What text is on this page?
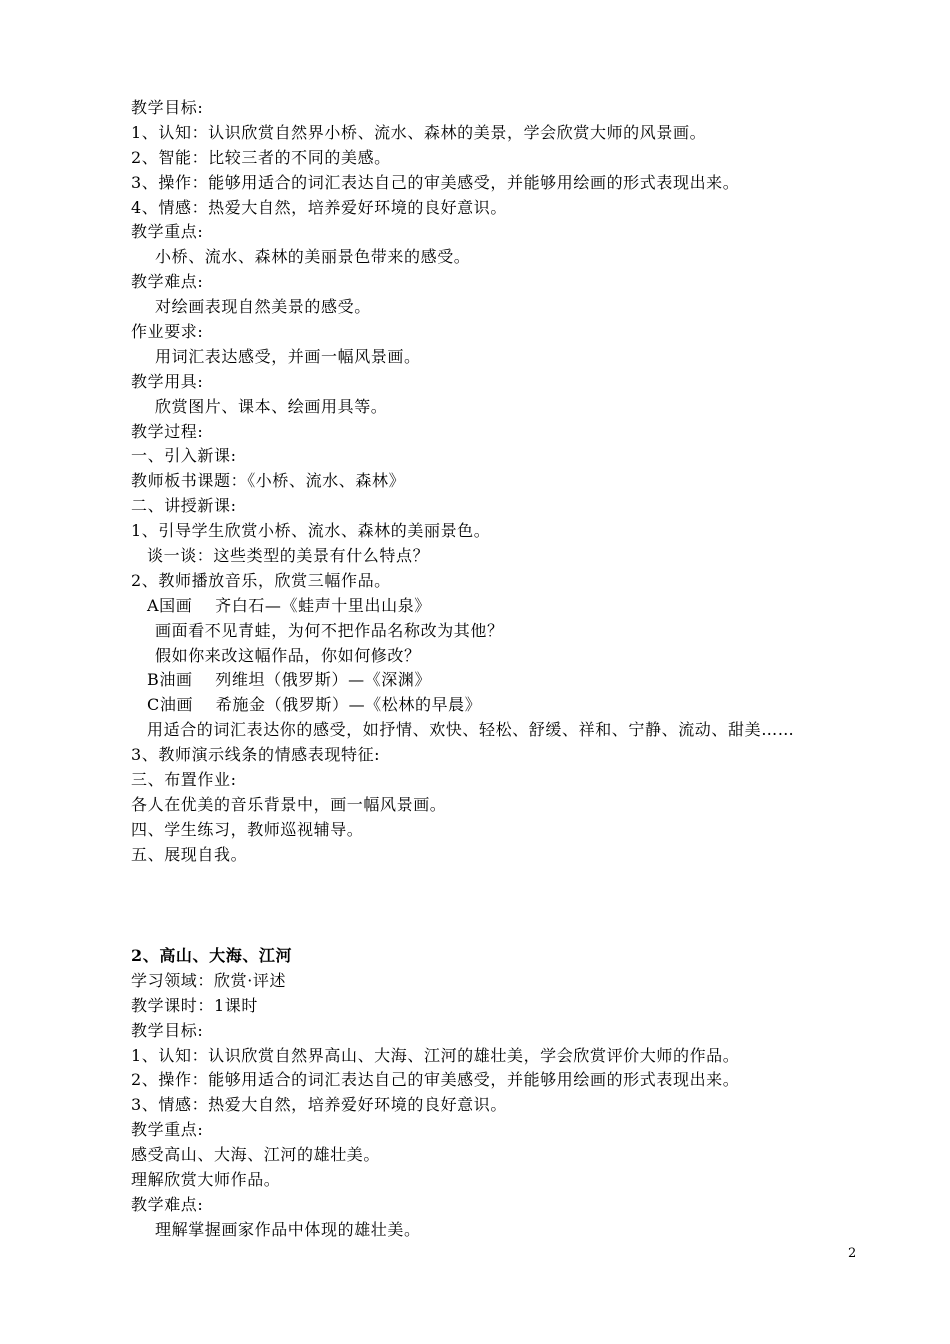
教学目标:
1、认知：认识欣赏自然界小桥、流水、森林的美景，学会欣赏大师的风景画。
2、智能：比较三者的不同的美感。
3、操作：能够用适合的词汇表达自己的审美感受，并能够用绘画的形式表现出来。
4、情感：热爱大自然，培养爱好环境的良好意识。
教学重点:
小桥、流水、森林的美丽景色带来的感受。
教学难点:
对绘画表现自然美景的感受。
作业要求:
用词汇表达感受，并画一幅风景画。
教学用具:
欣赏图片、课本、绘画用具等。
教学过程:
一、引入新课:
教师板书课题：《小桥、流水、森林》
二、讲授新课:
1、引导学生欣赏小桥、流水、森林的美丽景色。
谈一谈：这些类型的美景有什么特点？
2、教师播放音乐，欣赏三幅作品。
A国画    齐白石—《蛙声十里出山泉》
画面看不见青蛙，为何不把作品名称改为其他？
假如你来改这幅作品，你如何修改？
B油画    列维坦（俄罗斯）—《深渊》
C油画    希施金（俄罗斯）—《松林的早晨》
用适合的词汇表达你的感受，如抒情、欢快、轻松、舒缓、祥和、宁静、流动、甜美……
3、教师演示线条的情感表现特征:
三、布置作业:
各人在优美的音乐背景中，画一幅风景画。
四、学生练习，教师巡视辅导。
五、展现自我。
2、高山、大海、江河
学习领域：欣赏·评述
教学课时：1课时
教学目标:
1、认知：认识欣赏自然界高山、大海、江河的雄壮美，学会欣赏评价大师的作品。
2、操作：能够用适合的词汇表达自己的审美感受，并能够用绘画的形式表现出来。
3、情感：热爱大自然，培养爱好环境的良好意识。
教学重点:
感受高山、大海、江河的雄壮美。
理解欣赏大师作品。
教学难点:
理解掌握画家作品中体现的雄壮美。
2
